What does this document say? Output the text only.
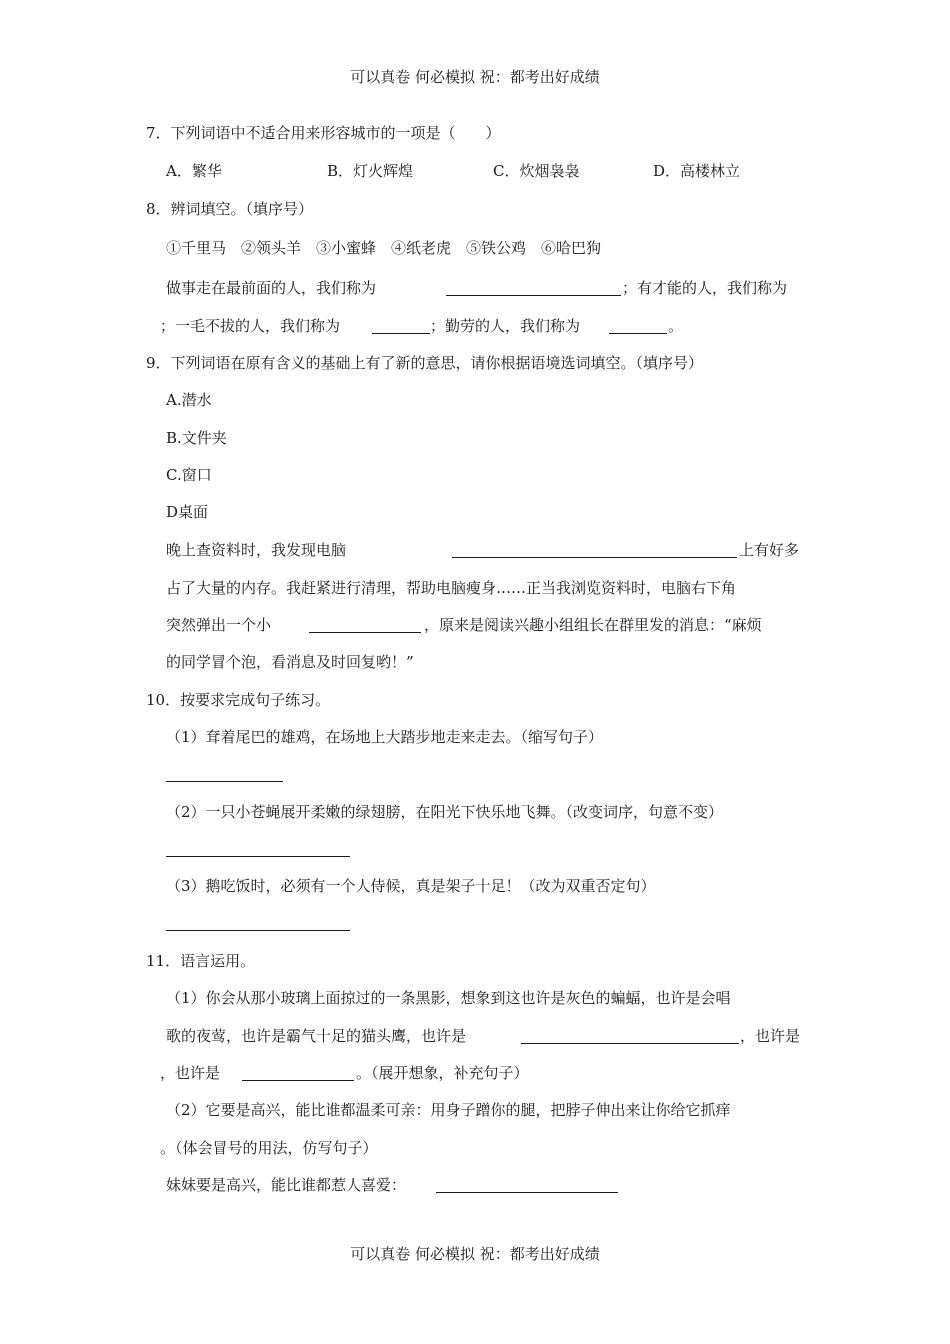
可以真卷 何必模拟 祝：都考出好成绩
7．下列词语中不适合用来形容城市的一项是（　　）
A．繁华	B．灯火辉煌	C．炊烟袅袅	D．高楼林立
8．辨词填空。（填序号）
①千里马　②领头羊　③小蜜蜂　④纸老虎　⑤铁公鸡　⑥哈巴狗
做事走在最前面的人，我们称为	；有才能的人，我们称为
；一毛不拔的人，我们称为	；勤劳的人，我们称为	。
9．下列词语在原有含义的基础上有了新的意思，请你根据语境选词填空。（填序号）
A.潜水
B.文件夹
C.窗口
D桌面
晚上查资料时，我发现电脑	上有好多
占了大量的内存。我赶紧进行清理，帮助电脑瘦身……正当我浏览资料时，电脑右下角
突然弹出一个小	，原来是阅读兴趣小组组长在群里发的消息：“麻烦
的同学冒个泡，看消息及时回复哟！”
10．按要求完成句子练习。
（1）耷着尾巴的雄鸡，在场地上大踏步地走来走去。（缩写句子）
（2）一只小苍蝇展开柔嫩的绿翅膀，在阳光下快乐地飞舞。（改变词序，句意不变）
（3）鹅吃饭时，必须有一个人侍候，真是架子十足！（改为双重否定句）
11．语言运用。
（1）你会从那小玻璃上面掠过的一条黑影，想象到这也许是灰色的蝙蝠，也许是会唱
歌的夜莺，也许是霸气十足的猫头鹰，也许是	，也许是
，也许是	。（展开想象，补充句子）
（2）它要是高兴，能比谁都温柔可亲：用身子蹭你的腿，把脖子伸出来让你给它抓痒
。（体会冒号的用法，仿写句子）
妹妹要是高兴，能比谁都惹人喜爱：
可以真卷 何必模拟 祝：都考出好成绩
